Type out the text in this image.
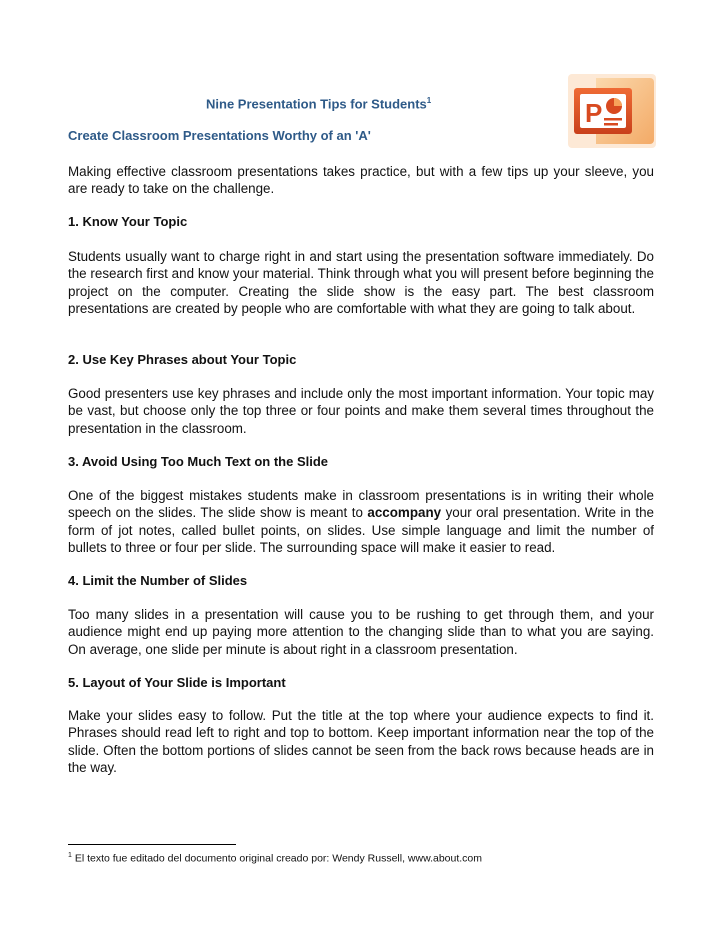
P
Nine Presentation Tips for Students$^1$
Create Classroom Presentations Worthy of an 'A'

Making effective classroom presentations takes practice, but with a few tips up your sleeve, you are ready to take on the challenge.

1. Know Your Topic

Students usually want to charge right in and start using the presentation software immediately. Do the research first and know your material. Think through what you will present before beginning the project on the computer. Creating the slide show is the easy part. The best classroom presentations are created by people who are comfortable with what they are going to talk about.

2. Use Key Phrases about Your Topic

Good presenters use key phrases and include only the most important information. Your topic may be vast, but choose only the top three or four points and make them several times throughout the presentation in the classroom.

3. Avoid Using Too Much Text on the Slide

One of the biggest mistakes students make in classroom presentations is in writing their whole speech on the slides. The slide show is meant to accompany your oral presentation. Write in the form of jot notes, called bullet points, on slides. Use simple language and limit the number of bullets to three or four per slide. The surrounding space will make it easier to read.

4. Limit the Number of Slides

Too many slides in a presentation will cause you to be rushing to get through them, and your audience might end up paying more attention to the changing slide than to what you are saying. On average, one slide per minute is about right in a classroom presentation.

5. Layout of Your Slide is Important

Make your slides easy to follow. Put the title at the top where your audience expects to find it. Phrases should read left to right and top to bottom. Keep important information near the top of the slide. Often the bottom portions of slides cannot be seen from the back rows because heads are in the way.

$^1$ El texto fue editado del documento original creado por: Wendy Russell, www.about.com
